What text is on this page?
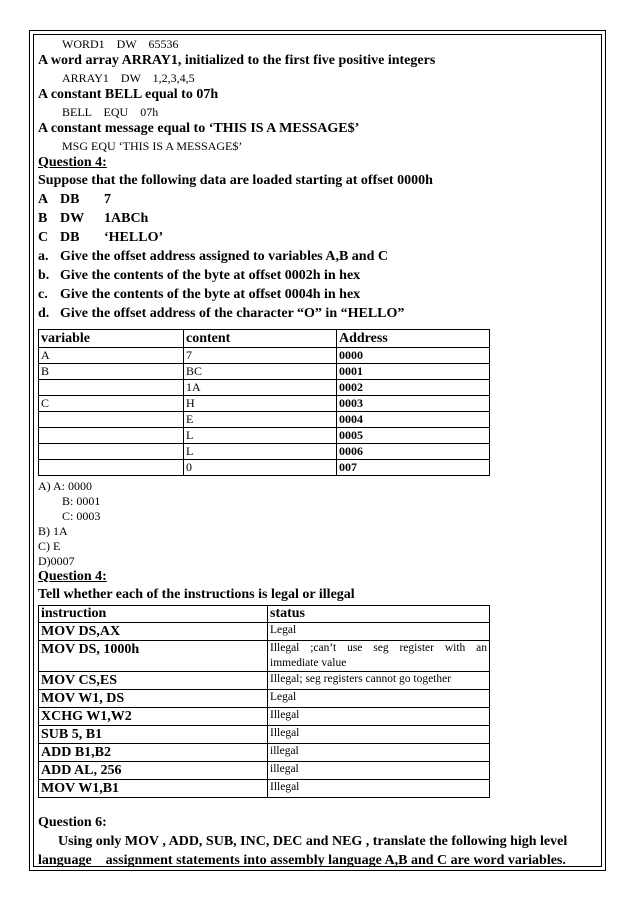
WORD1    DW    65536
A word array ARRAY1, initialized to the first five positive integers
ARRAY1    DW    1,2,3,4,5
A constant BELL equal to 07h
BELL    EQU    07h
A constant message equal to ‘THIS IS A MESSAGE$’
MSG EQU ‘THIS IS A MESSAGE$’
Question 4:
Suppose that the following data are loaded starting at offset 0000h
A DB	7
B DW	1ABCh
C DB	‘HELLO’
a. Give the offset address assigned to variables A,B and C
b. Give the contents of the byte at offset 0002h in hex
c. Give the contents of the byte at offset 0004h in hex
d. Give the offset address of the character “O” in “HELLO”
variable	content	Address
A	7	0000
B	BC	0001
	1A	0002
C	H	0003
	E	0004
	L	0005
	L	0006
	0	007
A) A: 0000
B: 0001
C: 0003
B) 1A
C) E
D)0007
Question 4:
Tell whether each of the instructions is legal or illegal
instruction	status
MOV DS,AX	Legal
MOV DS, 1000h	Illegal ;can’t use seg register with an immediate value
MOV CS,ES	Illegal; seg registers cannot go together
MOV W1, DS	Legal
XCHG W1,W2	Illegal
SUB 5, B1	Illegal
ADD B1,B2	illegal
ADD AL, 256	illegal
MOV W1,B1	Illegal
Question 6:
Using only MOV , ADD, SUB, INC, DEC and NEG , translate the following high level language    assignment statements into assembly language A,B and C are word variables.
